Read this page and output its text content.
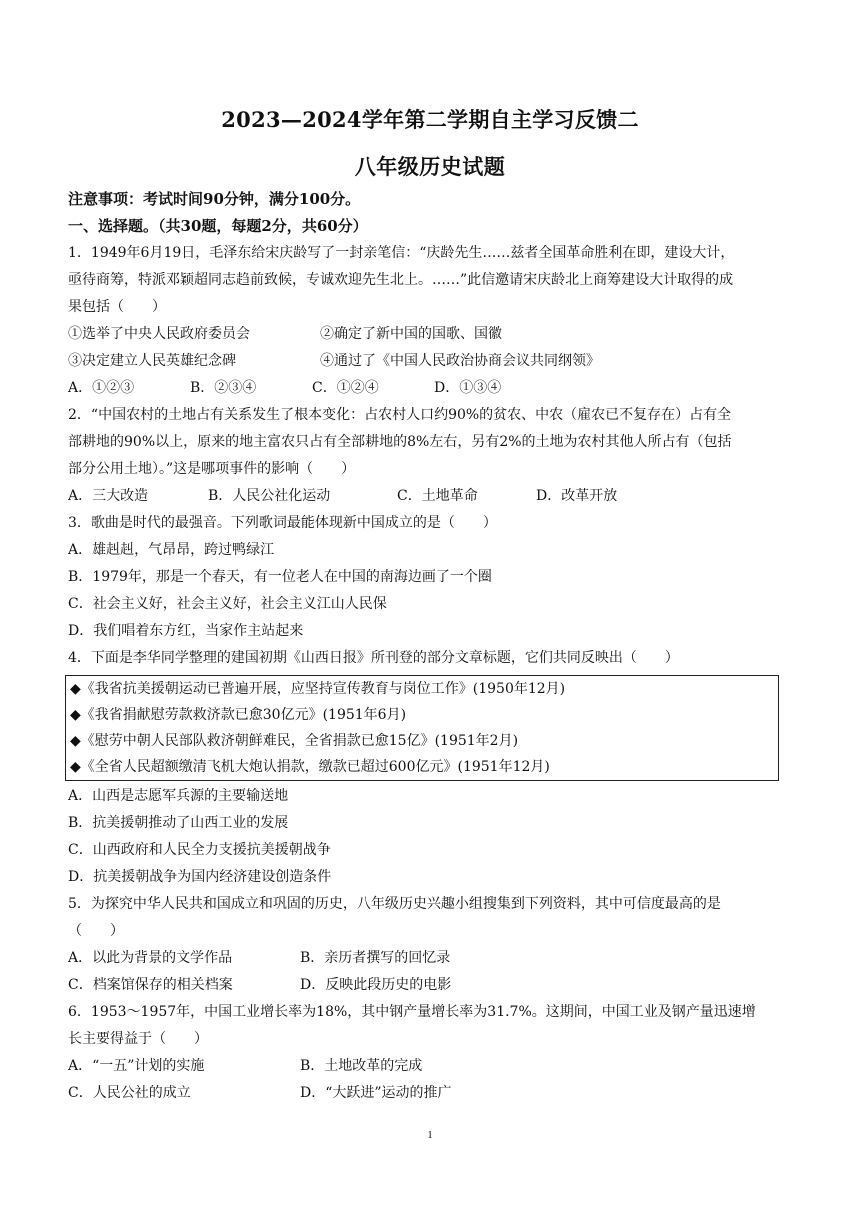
2023—2024学年第二学期自主学习反馈二
八年级历史试题
注意事项：考试时间90分钟，满分100分。
一、选择题。（共30题，每题2分，共60分）
1．1949年6月19日，毛泽东给宋庆龄写了一封亲笔信：“庆龄先生……兹者全国革命胜利在即，建设大计，
亟待商筹，特派邓颖超同志趋前致候，专诚欢迎先生北上。……”此信邀请宋庆龄北上商筹建设大计取得的成
果包括（　　）
①选举了中央人民政府委员会	②确定了新中国的国歌、国徽
③决定建立人民英雄纪念碑	④通过了《中国人民政治协商会议共同纲领》
A．①②③	B．②③④	C．①②④	D．①③④
2．“中国农村的土地占有关系发生了根本变化：占农村人口约90%的贫农、中农（雇农已不复存在）占有全
部耕地的90%以上，原来的地主富农只占有全部耕地的8%左右，另有2%的土地为农村其他人所占有（包括
部分公用土地）。”这是哪项事件的影响（　　）
A．三大改造	B．人民公社化运动	C．土地革命	D．改革开放
3．歌曲是时代的最强音。下列歌词最能体现新中国成立的是（　　）
A．雄赳赳，气昂昂，跨过鸭绿江
B．1979年，那是一个春天，有一位老人在中国的南海边画了一个圈
C．社会主义好，社会主义好，社会主义江山人民保
D．我们唱着东方红，当家作主站起来
4．下面是李华同学整理的建国初期《山西日报》所刊登的部分文章标题，它们共同反映出（　　）
◆《我省抗美援朝运动已普遍开展，应坚持宣传教育与岗位工作》(1950年12月)
◆《我省捐献慰劳款救济款已愈30亿元》(1951年6月)
◆《慰劳中朝人民部队救济朝鲜难民，全省捐款已愈15亿》(1951年2月)
◆《全省人民超额缴清飞机大炮认捐款，缴款已超过600亿元》(1951年12月)
A．山西是志愿军兵源的主要输送地
B．抗美援朝推动了山西工业的发展
C．山西政府和人民全力支援抗美援朝战争
D．抗美援朝战争为国内经济建设创造条件
5．为探究中华人民共和国成立和巩固的历史，八年级历史兴趣小组搜集到下列资料，其中可信度最高的是
（　　）
A．以此为背景的文学作品	B．亲历者撰写的回忆录
C．档案馆保存的相关档案	D．反映此段历史的电影
6．1953～1957年，中国工业增长率为18%，其中钢产量增长率为31.7%。这期间，中国工业及钢产量迅速增
长主要得益于（　　）
A．“一五”计划的实施	B．土地改革的完成
C．人民公社的成立	D．“大跃进”运动的推广
1
